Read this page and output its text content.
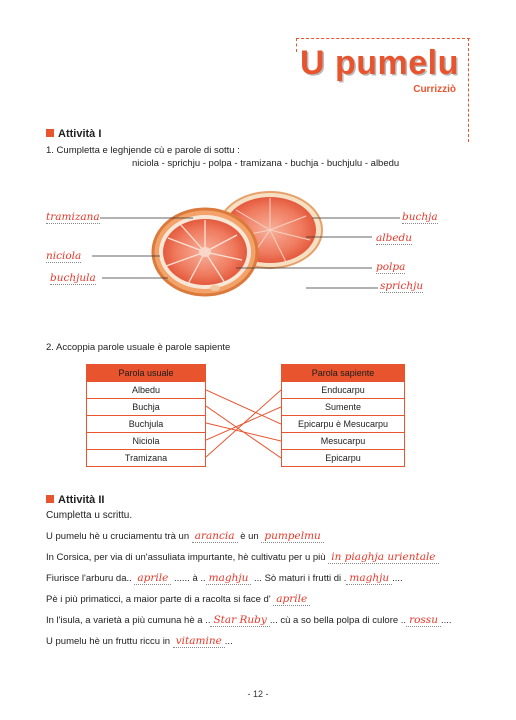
U pumelu
Currizziò
Attività I
1. Cumpletta e leghjende cù e parole di sottu :
niciola - sprichju - polpa - tramizana - buchja - buchjulu - albedu
tramizana
niciola
buchjula
buchja
albedu
polpa
sprichju
2. Accoppia parole usuale è parole sapiente
Parola usuale
Albedu
Buchja
Buchjula
Niciola
Tramizana
Parola sapiente
Enducarpu
Sumente
Epicarpu è Mesucarpu
Mesucarpu
Epicarpu
Attività II
Cumpletta u scrittu.
U pumelu hè u cruciamentu trà un arancia è un pumpelmu
In Corsica, per via di un'assuliata impurtante, hè cultivatu per u più in piaghja urientale
Fiurisce l'arburu da.. aprile ...... à .. maghju ... Sò maturi i frutti di . maghju ....
Pè i più primaticci, a maior parte di a racolta si face d' aprile
In l'isula, a varietà a più cumuna hè a .. Star Ruby ... cù a so bella polpa di culore .. rossu ....
U pumelu hè un fruttu riccu in vitamine ...
- 12 -
